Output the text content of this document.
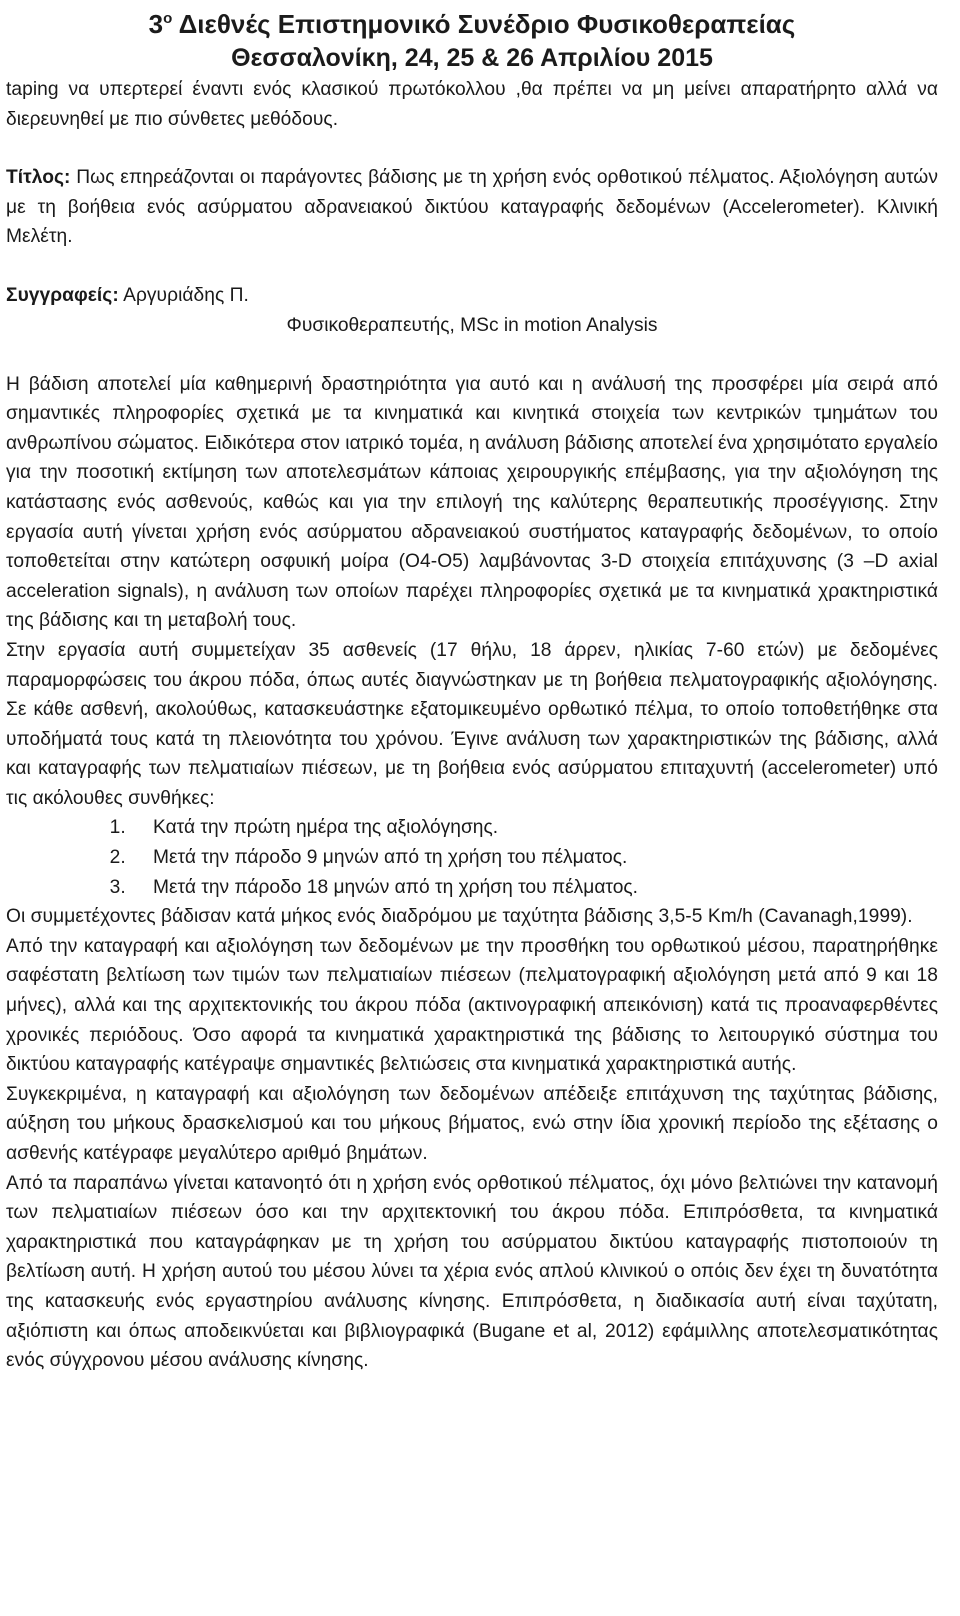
$3^o$ Διεθνές Επιστημονικό Συνέδριο Φυσικοθεραπείας
Θεσσαλονίκη, 24, 25 & 26 Απριλίου 2015

taping να υπερτερεί έναντι ενός κλασικού πρωτόκολλου ,θα πρέπει να μη μείνει απαρατήρητο αλλά να διερευνηθεί με πιο σύνθετες μεθόδους.

Τίτλος: Πως επηρεάζονται οι παράγοντες βάδισης με τη χρήση ενός ορθοτικού πέλματος. Αξιολόγηση αυτών με τη βοήθεια ενός ασύρματου αδρανειακού δικτύου καταγραφής δεδομένων (Accelerometer). Κλινική Μελέτη.

Συγγραφείς: Αργυριάδης Π.

Φυσικοθεραπευτής, MSc in motion Analysis

Η βάδιση αποτελεί μία καθημερινή δραστηριότητα για αυτό και η ανάλυσή της προσφέρει μία σειρά από σημαντικές πληροφορίες σχετικά με τα κινηματικά και κινητικά στοιχεία των κεντρικών τμημάτων του ανθρωπίνου σώματος. Ειδικότερα στον ιατρικό τομέα, η ανάλυση βάδισης αποτελεί ένα χρησιμότατο εργαλείο για την ποσοτική εκτίμηση των αποτελεσμάτων κάποιας χειρουργικής επέμβασης, για την αξιολόγηση της κατάστασης ενός ασθενούς, καθώς και για την επιλογή της καλύτερης θεραπευτικής προσέγγισης. Στην εργασία αυτή γίνεται χρήση ενός ασύρματου αδρανειακού συστήματος καταγραφής δεδομένων, το οποίο τοποθετείται στην κατώτερη οσφυική μοίρα (Ο4-Ο5) λαμβάνοντας 3-D στοιχεία επιτάχυνσης (3 –D axial acceleration signals), η ανάλυση των οποίων παρέχει πληροφορίες σχετικά με τα κινηματικά χρακτηριστικά της βάδισης και τη μεταβολή τους.

Στην εργασία αυτή συμμετείχαν 35 ασθενείς (17 θήλυ, 18 άρρεν, ηλικίας 7-60 ετών) με δεδομένες παραμορφώσεις του άκρου πόδα, όπως αυτές διαγνώστηκαν με τη βοήθεια πελματογραφικής αξιολόγησης. Σε κάθε ασθενή, ακολούθως, κατασκευάστηκε εξατομικευμένο ορθωτικό πέλμα, το οποίο τοποθετήθηκε στα υποδήματά τους κατά τη πλειονότητα του χρόνου. Έγινε ανάλυση των χαρακτηριστικών της βάδισης, αλλά και καταγραφής των πελματιαίων πιέσεων, με τη βοήθεια ενός ασύρματου επιταχυντή (accelerometer) υπό τις ακόλουθες συνθήκες:

1. Κατά την πρώτη ημέρα της αξιολόγησης.
2. Μετά την πάροδο 9 μηνών από τη χρήση του πέλματος.
3. Μετά την πάροδο 18 μηνών από τη χρήση του πέλματος.

Οι συμμετέχοντες βάδισαν κατά μήκος ενός διαδρόμου με ταχύτητα βάδισης 3,5-5 Km/h (Cavanagh,1999).

Από την καταγραφή και αξιολόγηση των δεδομένων με την προσθήκη του ορθωτικού μέσου, παρατηρήθηκε σαφέστατη βελτίωση των τιμών των πελματιαίων πιέσεων (πελματογραφική αξιολόγηση μετά από 9 και 18 μήνες), αλλά και της αρχιτεκτονικής του άκρου πόδα (ακτινογραφική απεικόνιση) κατά τις προαναφερθέντες χρονικές περιόδους. Όσο αφορά τα κινηματικά χαρακτηριστικά της βάδισης το λειτουργικό σύστημα του δικτύου καταγραφής κατέγραψε σημαντικές βελτιώσεις στα κινηματικά χαρακτηριστικά αυτής.

Συγκεκριμένα, η καταγραφή και αξιολόγηση των δεδομένων απέδειξε επιτάχυνση της ταχύτητας βάδισης, αύξηση του μήκους δρασκελισμού και του μήκους βήματος, ενώ στην ίδια χρονική περίοδο της εξέτασης ο ασθενής κατέγραφε μεγαλύτερο αριθμό βημάτων.

Από τα παραπάνω γίνεται κατανοητό ότι η χρήση ενός ορθοτικού πέλματος, όχι μόνο βελτιώνει την κατανομή των πελματιαίων πιέσεων όσο και την αρχιτεκτονική του άκρου πόδα. Επιπρόσθετα, τα κινηματικά χαρακτηριστικά που καταγράφηκαν με τη χρήση του ασύρματου δικτύου καταγραφής πιστοποιούν τη βελτίωση αυτή. Η χρήση αυτού του μέσου λύνει τα χέρια ενός απλού κλινικού ο οπόις δεν έχει τη δυνατότητα της κατασκευής ενός εργαστηρίου ανάλυσης κίνησης. Επιπρόσθετα, η διαδικασία αυτή είναι ταχύτατη, αξιόπιστη και όπως αποδεικνύεται και βιβλιογραφικά (Bugane et al, 2012) εφάμιλλης αποτελεσματικότητας ενός σύγχρονου μέσου ανάλυσης κίνησης.
